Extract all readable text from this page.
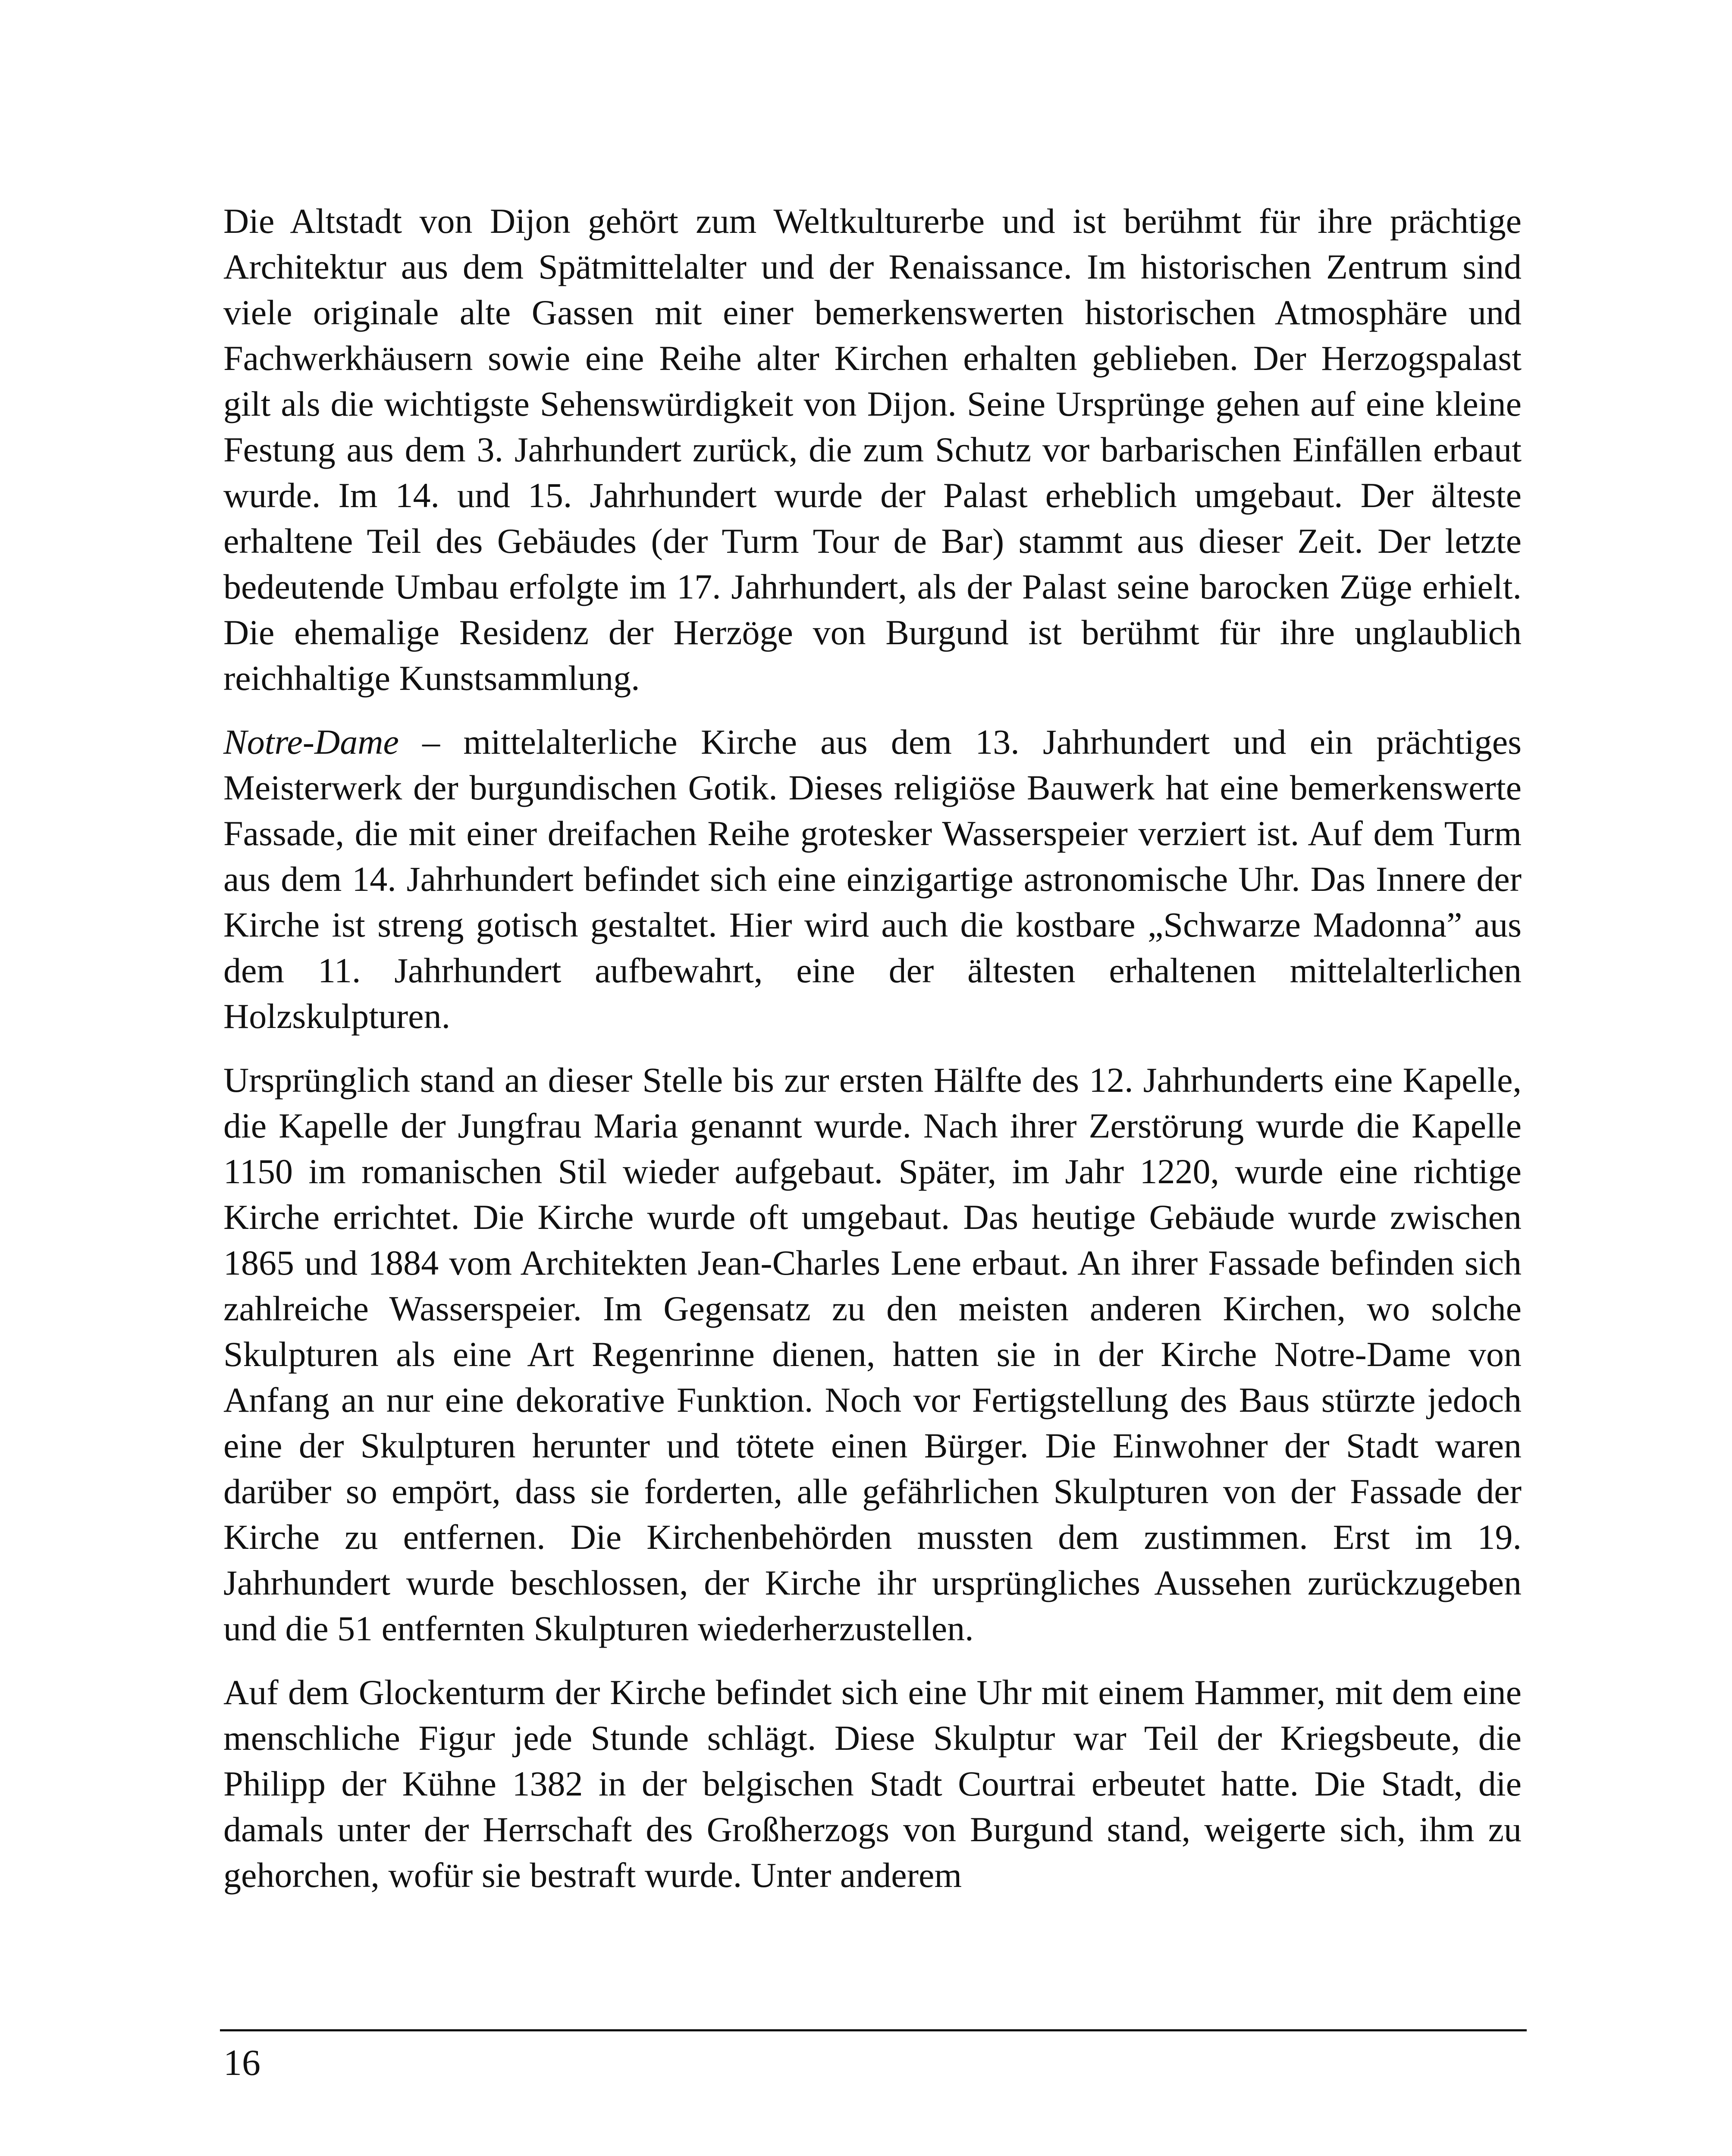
Die Altstadt von Dijon gehört zum Weltkulturerbe und ist berühmt für ihre prächtige Architektur aus dem Spätmittelalter und der Renaissance. Im historischen Zentrum sind viele originale alte Gassen mit einer bemerkenswerten historischen Atmosphäre und Fachwerkhäusern sowie eine Reihe alter Kirchen erhalten geblieben. Der Herzogspalast gilt als die wichtigste Sehenswürdigkeit von Dijon. Seine Ursprünge gehen auf eine kleine Festung aus dem 3. Jahrhundert zurück, die zum Schutz vor barbarischen Einfällen erbaut wurde. Im 14. und 15. Jahrhundert wurde der Palast erheblich umgebaut. Der älteste erhaltene Teil des Gebäudes (der Turm Tour de Bar) stammt aus dieser Zeit. Der letzte bedeutende Umbau erfolgte im 17. Jahrhundert, als der Palast seine barocken Züge erhielt. Die ehemalige Residenz der Herzöge von Burgund ist berühmt für ihre unglaublich reichhaltige Kunstsammlung.

Notre-Dame – mittelalterliche Kirche aus dem 13. Jahrhundert und ein prächtiges Meisterwerk der burgundischen Gotik. Dieses religiöse Bauwerk hat eine bemerkenswerte Fassade, die mit einer dreifachen Reihe grotesker Wasserspeier verziert ist. Auf dem Turm aus dem 14. Jahrhundert befindet sich eine einzigartige astronomische Uhr. Das Innere der Kirche ist streng gotisch gestaltet. Hier wird auch die kostbare „Schwarze Madonna” aus dem 11. Jahrhundert aufbewahrt, eine der ältesten erhaltenen mittelalterlichen Holzskulpturen.

Ursprünglich stand an dieser Stelle bis zur ersten Hälfte des 12. Jahrhunderts eine Kapelle, die Kapelle der Jungfrau Maria genannt wurde. Nach ihrer Zerstörung wurde die Kapelle 1150 im romanischen Stil wieder aufgebaut. Später, im Jahr 1220, wurde eine richtige Kirche errichtet. Die Kirche wurde oft umgebaut. Das heutige Gebäude wurde zwischen 1865 und 1884 vom Architekten Jean-Charles Lene erbaut. An ihrer Fassade befinden sich zahlreiche Wasserspeier. Im Gegensatz zu den meisten anderen Kirchen, wo solche Skulpturen als eine Art Regenrinne dienen, hatten sie in der Kirche Notre-Dame von Anfang an nur eine dekorative Funktion. Noch vor Fertigstellung des Baus stürzte jedoch eine der Skulpturen herunter und tötete einen Bürger. Die Einwohner der Stadt waren darüber so empört, dass sie forderten, alle gefährlichen Skulpturen von der Fassade der Kirche zu entfernen. Die Kirchenbehörden mussten dem zustimmen. Erst im 19. Jahrhundert wurde beschlossen, der Kirche ihr ursprüngliches Aussehen zurückzugeben und die 51 entfernten Skulpturen wiederherzustellen.

Auf dem Glockenturm der Kirche befindet sich eine Uhr mit einem Hammer, mit dem eine menschliche Figur jede Stunde schlägt. Diese Skulptur war Teil der Kriegsbeute, die Philipp der Kühne 1382 in der belgischen Stadt Courtrai erbeutet hatte. Die Stadt, die damals unter der Herrschaft des Großherzogs von Burgund stand, weigerte sich, ihm zu gehorchen, wofür sie bestraft wurde. Unter anderem

16
